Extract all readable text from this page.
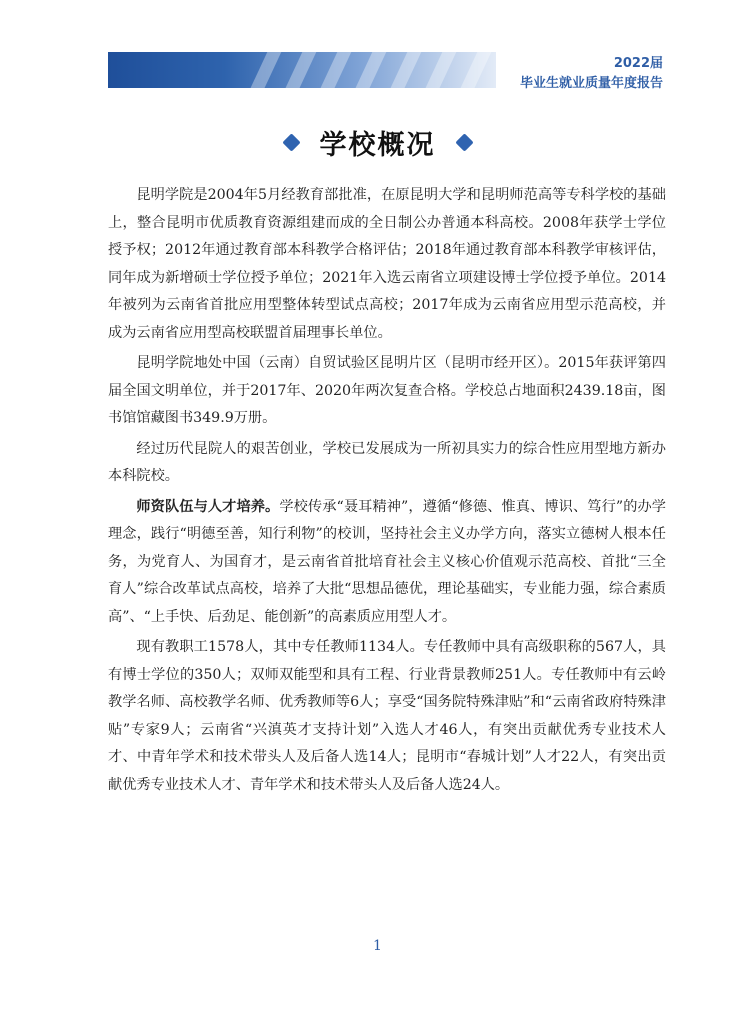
2022届
毕业生就业质量年度报告
学校概况

昆明学院是2004年5月经教育部批准，在原昆明大学和昆明师范高等专科学校的基础上，整合昆明市优质教育资源组建而成的全日制公办普通本科高校。2008年获学士学位授予权；2012年通过教育部本科教学合格评估；2018年通过教育部本科教学审核评估，同年成为新增硕士学位授予单位；2021年入选云南省立项建设博士学位授予单位。2014年被列为云南省首批应用型整体转型试点高校；2017年成为云南省应用型示范高校，并成为云南省应用型高校联盟首届理事长单位。

昆明学院地处中国（云南）自贸试验区昆明片区（昆明市经开区）。2015年获评第四届全国文明单位，并于2017年、2020年两次复查合格。学校总占地面积2439.18亩，图书馆馆藏图书349.9万册。

经过历代昆院人的艰苦创业，学校已发展成为一所初具实力的综合性应用型地方新办本科院校。

师资队伍与人才培养。学校传承“聂耳精神”，遵循“修德、惟真、博识、笃行”的办学理念，践行“明德至善，知行利物”的校训，坚持社会主义办学方向，落实立德树人根本任务，为党育人、为国育才，是云南省首批培育社会主义核心价值观示范高校、首批“三全育人”综合改革试点高校，培养了大批“思想品德优，理论基础实，专业能力强，综合素质高”、“上手快、后劲足、能创新”的高素质应用型人才。

现有教职工1578人，其中专任教师1134人。专任教师中具有高级职称的567人，具有博士学位的350人；双师双能型和具有工程、行业背景教师251人。专任教师中有云岭教学名师、高校教学名师、优秀教师等6人；享受“国务院特殊津贴”和“云南省政府特殊津贴”专家9人；云南省“兴滇英才支持计划”入选人才46人，有突出贡献优秀专业技术人才、中青年学术和技术带头人及后备人选14人；昆明市“春城计划”人才22人，有突出贡献优秀专业技术人才、青年学术和技术带头人及后备人选24人。

1
